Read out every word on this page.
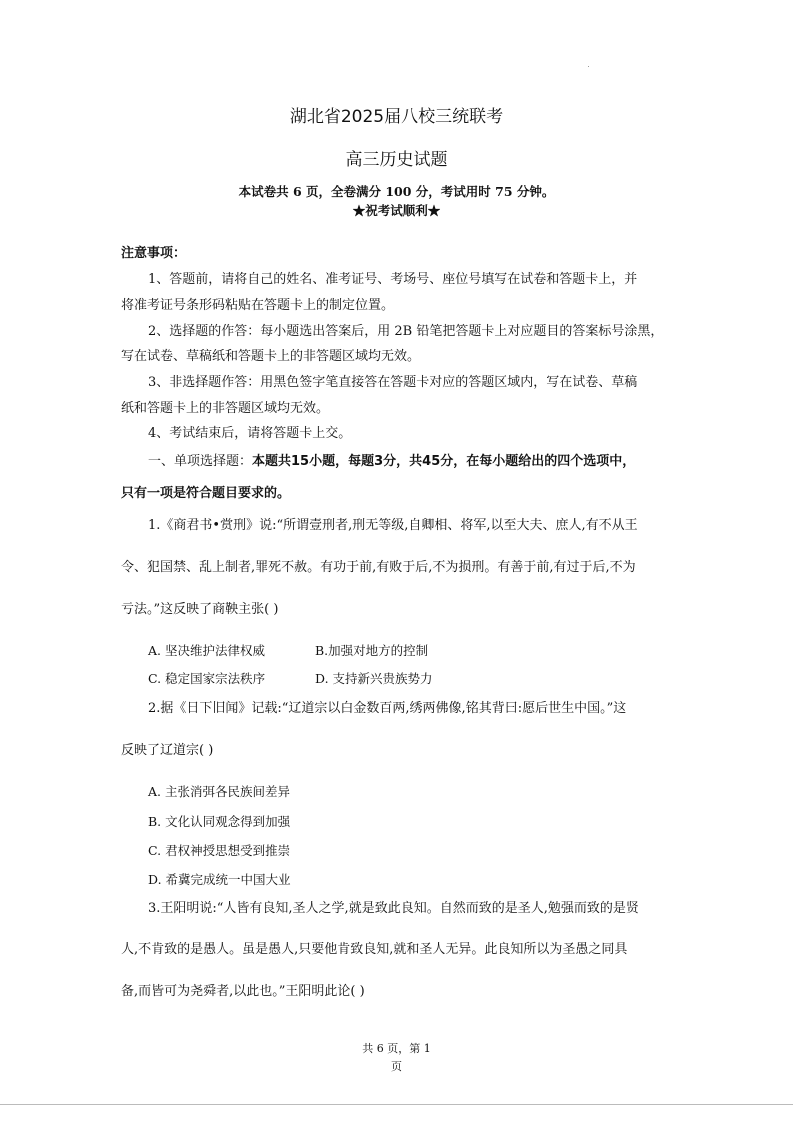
湖北省2025届八校三统联考
高三历史试题
本试卷共 6 页，全卷满分 100 分，考试用时 75 分钟。
★祝考试顺利★
注意事项：
1、答题前，请将自己的姓名、准考证号、考场号、座位号填写在试卷和答题卡上，并
将准考证号条形码粘贴在答题卡上的制定位置。
2、选择题的作答：每小题选出答案后，用 2B 铅笔把答题卡上对应题目的答案标号涂黑，
写在试卷、草稿纸和答题卡上的非答题区域均无效。
3、非选择题作答：用黑色签字笔直接答在答题卡对应的答题区域内，写在试卷、草稿
纸和答题卡上的非答题区域均无效。
4、考试结束后，请将答题卡上交。
一、单项选择题：本题共15小题，每题3分，共45分，在每小题给出的四个选项中，
只有一项是符合题目要求的。
1.《商君书•赏刑》说:“所谓壹刑者,刑无等级,自卿相、将军,以至大夫、庶人,有不从王
令、犯国禁、乱上制者,罪死不赦。有功于前,有败于后,不为损刑。有善于前,有过于后,不为
亏法。”这反映了商鞅主张( )
A. 坚决维护法律权威	B.加强对地方的控制
C. 稳定国家宗法秩序	D. 支持新兴贵族势力
2.据《日下旧闻》记载:“辽道宗以白金数百两,绣两佛像,铭其背曰:愿后世生中国。”这
反映了辽道宗( )
A. 主张消弭各民族间差异
B. 文化认同观念得到加强
C. 君权神授思想受到推崇
D. 希冀完成统一中国大业
3.王阳明说:“人皆有良知,圣人之学,就是致此良知。自然而致的是圣人,勉强而致的是贤
人,不肯致的是愚人。虽是愚人,只要他肯致良知,就和圣人无异。此良知所以为圣愚之同具
备,而皆可为尧舜者,以此也。”王阳明此论( )
共 6 页，第 1
页
